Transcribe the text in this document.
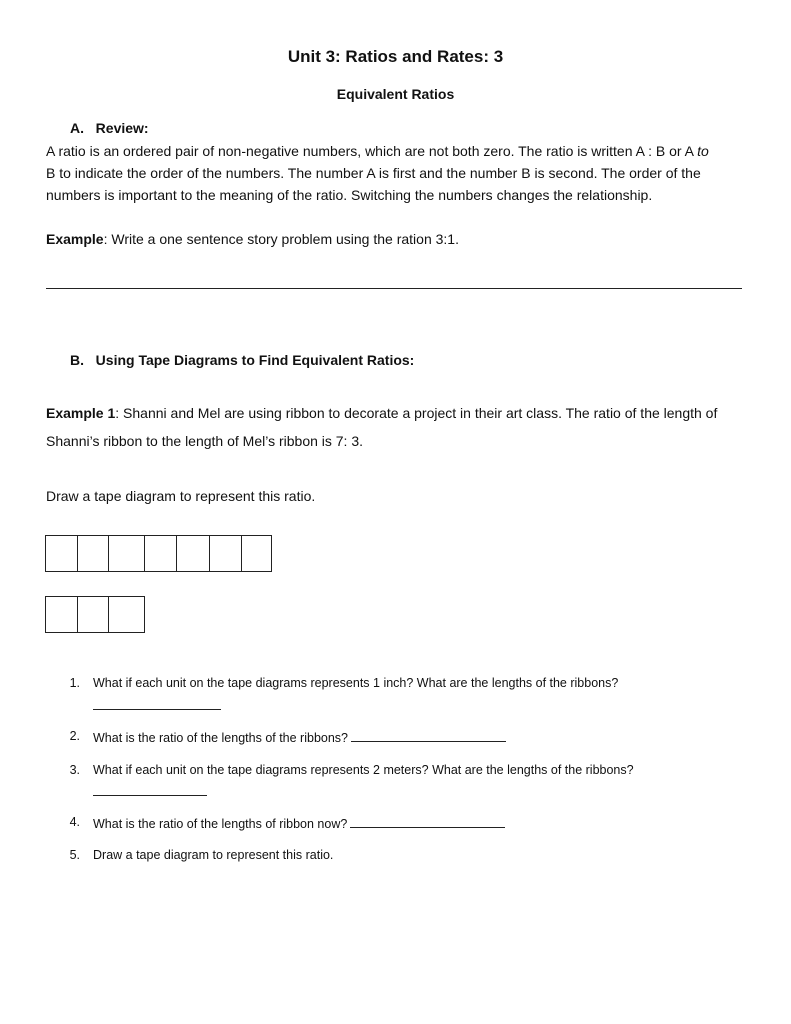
Unit 3: Ratios and Rates: 3
Equivalent Ratios
A.   Review:
A ratio is an ordered pair of non-negative numbers, which are not both zero. The ratio is written A : B or A to
B to indicate the order of the numbers. The number A is first and the number B is second. The order of the
numbers is important to the meaning of the ratio. Switching the numbers changes the relationship.
Example: Write a one sentence story problem using the ration 3:1.
B.   Using Tape Diagrams to Find Equivalent Ratios:
Example 1: Shanni and Mel are using ribbon to decorate a project in their art class. The ratio of the length of
Shanni’s ribbon to the length of Mel’s ribbon is 7: 3.
Draw a tape diagram to represent this ratio.
1. What if each unit on the tape diagrams represents 1 inch? What are the lengths of the ribbons?
2. What is the ratio of the lengths of the ribbons?
3. What if each unit on the tape diagrams represents 2 meters? What are the lengths of the ribbons?
4. What is the ratio of the lengths of ribbon now?
5. Draw a tape diagram to represent this ratio.
